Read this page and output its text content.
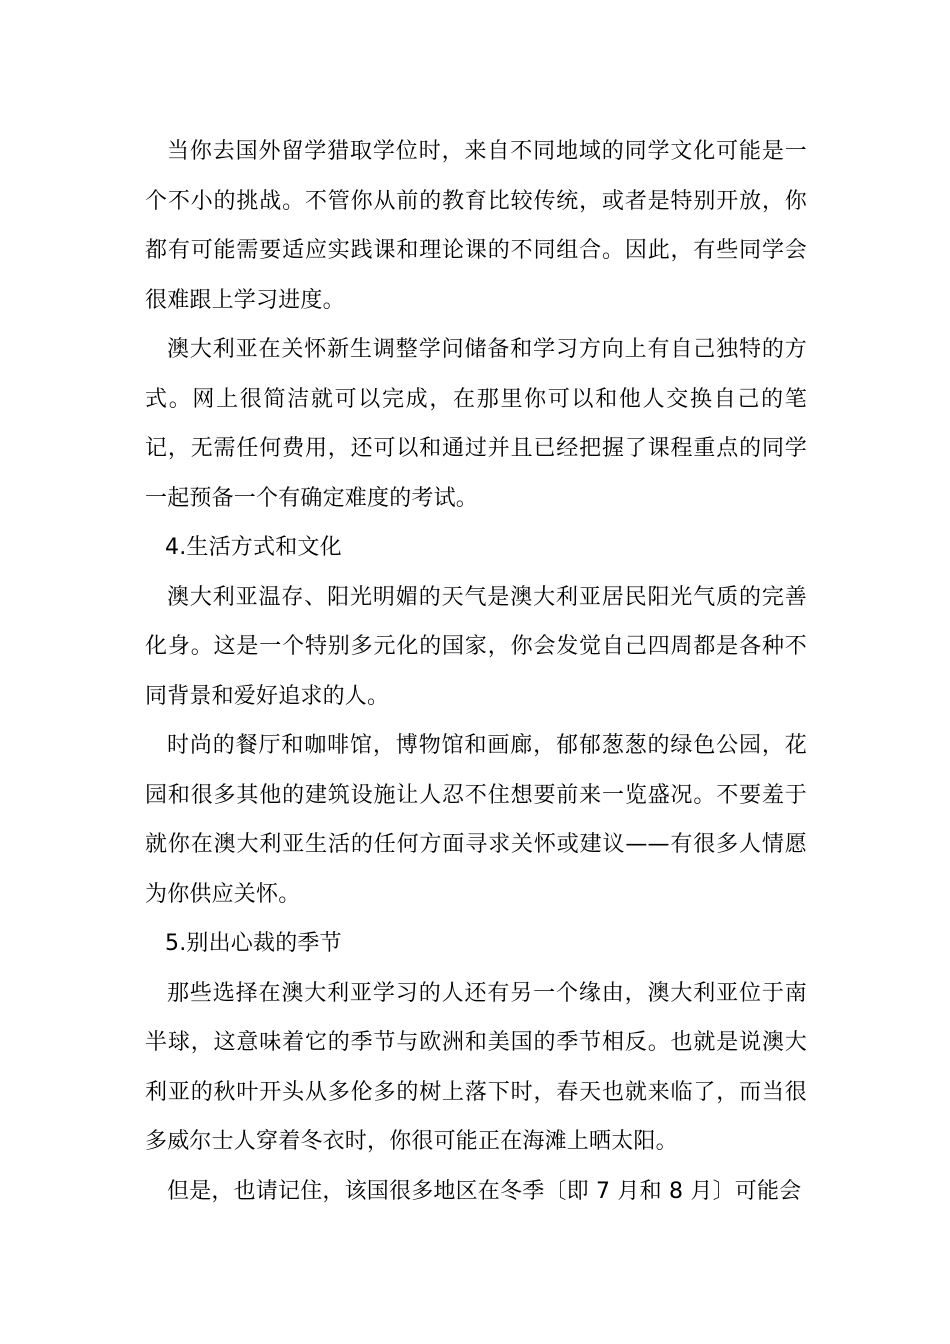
当你去国外留学猎取学位时，来自不同地域的同学文化可能是一个不小的挑战。不管你从前的教育比较传统，或者是特别开放，你都有可能需要适应实践课和理论课的不同组合。因此，有些同学会很难跟上学习进度。

澳大利亚在关怀新生调整学问储备和学习方向上有自己独特的方式。网上很简洁就可以完成，在那里你可以和他人交换自己的笔记，无需任何费用，还可以和通过并且已经把握了课程重点的同学一起预备一个有确定难度的考试。

4.生活方式和文化

澳大利亚温存、阳光明媚的天气是澳大利亚居民阳光气质的完善化身。这是一个特别多元化的国家，你会发觉自己四周都是各种不同背景和爱好追求的人。

时尚的餐厅和咖啡馆，博物馆和画廊，郁郁葱葱的绿色公园，花园和很多其他的建筑设施让人忍不住想要前来一览盛况。不要羞于就你在澳大利亚生活的任何方面寻求关怀或建议——有很多人情愿为你供应关怀。

5.别出心裁的季节

那些选择在澳大利亚学习的人还有另一个缘由，澳大利亚位于南半球，这意味着它的季节与欧洲和美国的季节相反。也就是说澳大利亚的秋叶开头从多伦多的树上落下时，春天也就来临了，而当很多威尔士人穿着冬衣时，你很可能正在海滩上晒太阳。

但是，也请记住，该国很多地区在冬季〔即 7 月和 8 月〕可能会
